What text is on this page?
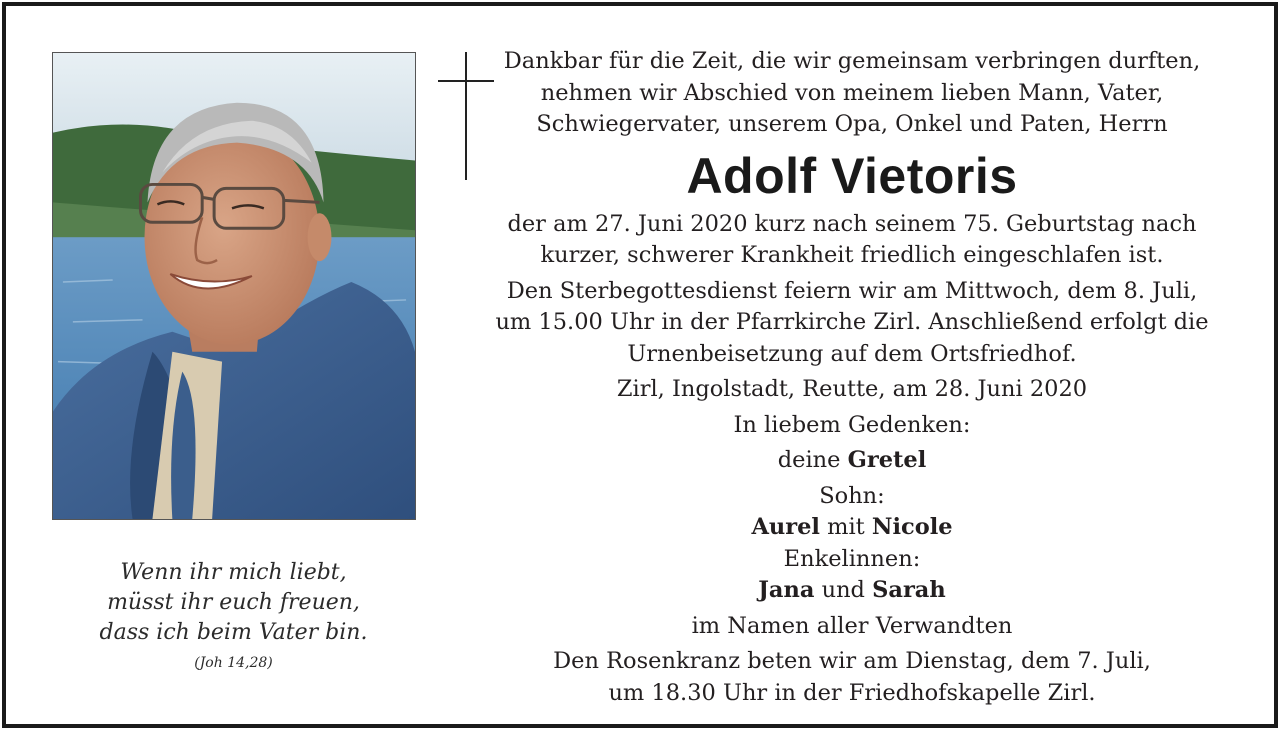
Wenn ihr mich liebt,
müsst ihr euch freuen,
dass ich beim Vater bin.
(Joh 14,28)
Dankbar für die Zeit, die wir gemeinsam verbringen durften,
nehmen wir Abschied von meinem lieben Mann, Vater,
Schwiegervater, unserem Opa, Onkel und Paten, Herrn
Adolf Vietoris
der am 27. Juni 2020 kurz nach seinem 75. Geburtstag nach
kurzer, schwerer Krankheit friedlich eingeschlafen ist.
Den Sterbegottesdienst feiern wir am Mittwoch, dem 8. Juli,
um 15.00 Uhr in der Pfarrkirche Zirl. Anschließend erfolgt die
Urnenbeisetzung auf dem Ortsfriedhof.
Zirl, Ingolstadt, Reutte, am 28. Juni 2020
In liebem Gedenken:
deine Gretel
Sohn:
Aurel mit Nicole
Enkelinnen:
Jana und Sarah
im Namen aller Verwandten
Den Rosenkranz beten wir am Dienstag, dem 7. Juli,
um 18.30 Uhr in der Friedhofskapelle Zirl.
